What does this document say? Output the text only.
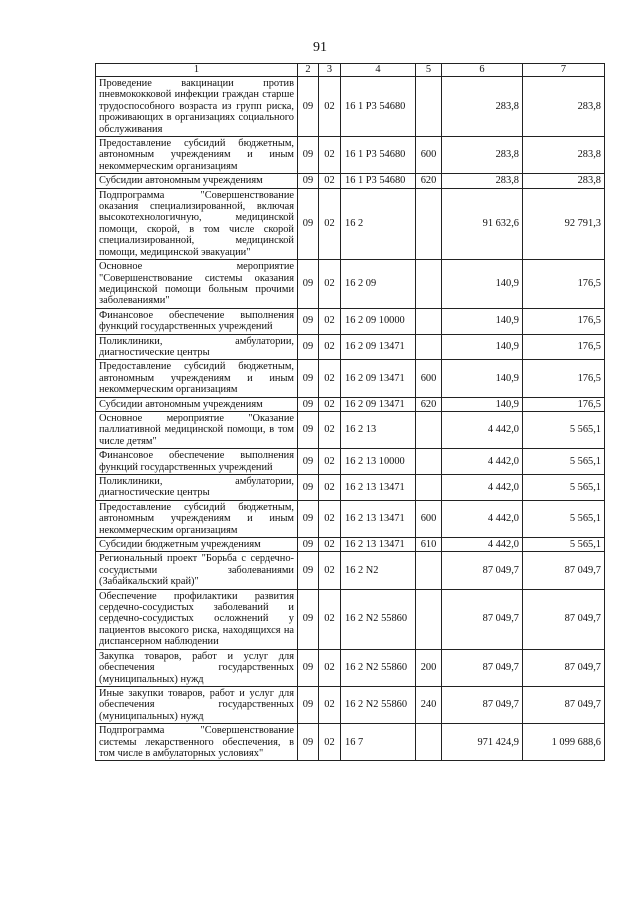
91
1	2	3	4	5	6	7
Проведение вакцинации против пневмококковой инфекции граждан старше трудоспособного возраста из групп риска, проживающих в организациях социального обслуживания	09	02	16 1 P3 54680		283,8	283,8
Предоставление субсидий бюджетным, автономным учреждениям и иным некоммерческим организациям	09	02	16 1 P3 54680	600	283,8	283,8
Субсидии автономным учреждениям	09	02	16 1 P3 54680	620	283,8	283,8
Подпрограмма "Совершенствование оказания специализированной, включая высокотехнологичную, медицинской помощи, скорой, в том числе скорой специализированной, медицинской помощи, медицинской эвакуации"	09	02	16 2		91 632,6	92 791,3
Основное мероприятие "Совершенствование системы оказания медицинской помощи больным прочими заболеваниями"	09	02	16 2 09		140,9	176,5
Финансовое обеспечение выполнения функций государственных учреждений	09	02	16 2 09 10000		140,9	176,5
Поликлиники, амбулатории, диагностические центры	09	02	16 2 09 13471		140,9	176,5
Предоставление субсидий бюджетным, автономным учреждениям и иным некоммерческим организациям	09	02	16 2 09 13471	600	140,9	176,5
Субсидии автономным учреждениям	09	02	16 2 09 13471	620	140,9	176,5
Основное мероприятие "Оказание паллиативной медицинской помощи, в том числе детям"	09	02	16 2 13		4 442,0	5 565,1
Финансовое обеспечение выполнения функций государственных учреждений	09	02	16 2 13 10000		4 442,0	5 565,1
Поликлиники, амбулатории, диагностические центры	09	02	16 2 13 13471		4 442,0	5 565,1
Предоставление субсидий бюджетным, автономным учреждениям и иным некоммерческим организациям	09	02	16 2 13 13471	600	4 442,0	5 565,1
Субсидии бюджетным учреждениям	09	02	16 2 13 13471	610	4 442,0	5 565,1
Региональный проект "Борьба с сердечно-сосудистыми заболеваниями (Забайкальский край)"	09	02	16 2 N2		87 049,7	87 049,7
Обеспечение профилактики развития сердечно-сосудистых заболеваний и сердечно-сосудистых осложнений у пациентов высокого риска, находящихся на диспансерном наблюдении	09	02	16 2 N2 55860		87 049,7	87 049,7
Закупка товаров, работ и услуг для обеспечения государственных (муниципальных) нужд	09	02	16 2 N2 55860	200	87 049,7	87 049,7
Иные закупки товаров, работ и услуг для обеспечения государственных (муниципальных) нужд	09	02	16 2 N2 55860	240	87 049,7	87 049,7
Подпрограмма "Совершенствование системы лекарственного обеспечения, в том числе в амбулаторных условиях"	09	02	16 7		971 424,9	1 099 688,6
